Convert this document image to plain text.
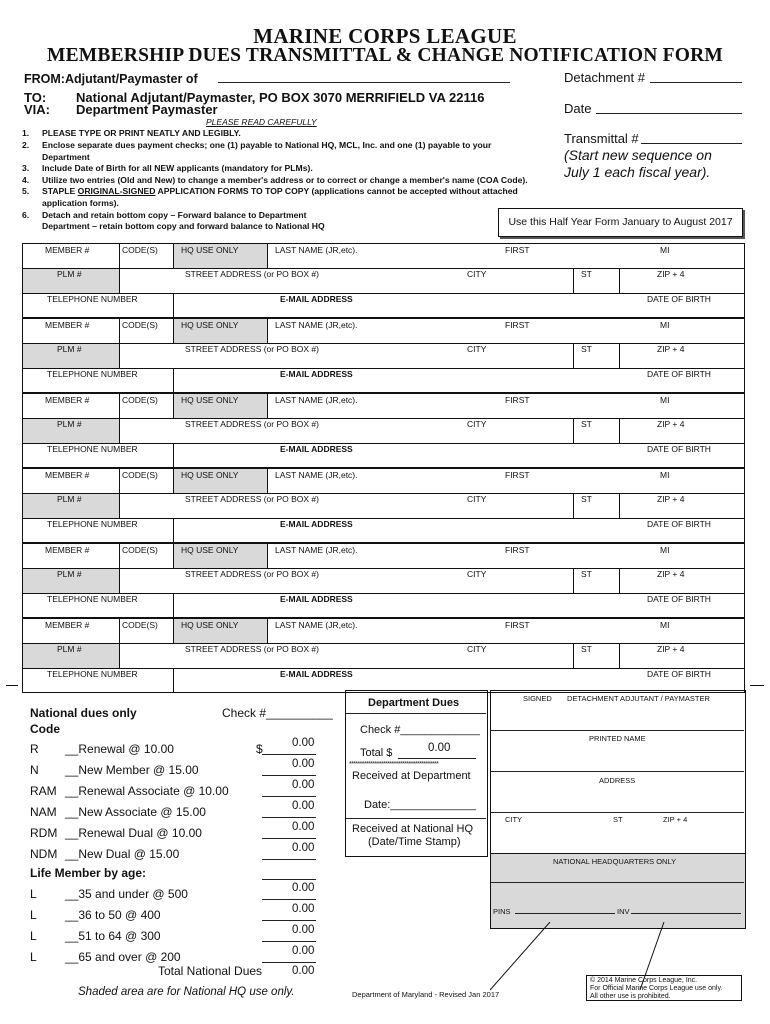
MARINE CORPS LEAGUE
MEMBERSHIP DUES TRANSMITTAL & CHANGE NOTIFICATION FORM
FROM:Adjutant/Paymaster of	Detachment #
TO: National Adjutant/Paymaster, PO BOX 3070 MERRIFIELD VA 22116
VIA: Department Paymaster	Date
PLEASE READ CAREFULLY
Transmittal #
(Start new sequence on
July 1 each fiscal year).
1. PLEASE TYPE OR PRINT NEATLY AND LEGIBLY.
2. Enclose separate dues payment checks; one (1) payable to National HQ, MCL, Inc. and one (1) payable to your Department
3. Include Date of Birth for all NEW applicants (mandatory for PLMs).
4. Utilize two entries (Old and New) to change a member's address or to correct or change a member's name (COA Code).
5. STAPLE ORIGINAL-SIGNED APPLICATION FORMS TO TOP COPY (applications cannot be accepted without attached application forms).
6. Detach and retain bottom copy – Forward balance to Department
Department – retain bottom copy and forward balance to National HQ	Use this Half Year Form January to August 2017
MEMBER #	CODE(S)	HQ USE ONLY	LAST NAME (JR,etc).	FIRST	MI
PLM #	STREET ADDRESS (or PO BOX #)	CITY	ST	ZIP + 4
TELEPHONE NUMBER	E-MAIL ADDRESS	DATE OF BIRTH
MEMBER #	CODE(S)	HQ USE ONLY	LAST NAME (JR,etc).	FIRST	MI
PLM #	STREET ADDRESS (or PO BOX #)	CITY	ST	ZIP + 4
TELEPHONE NUMBER	E-MAIL ADDRESS	DATE OF BIRTH
MEMBER #	CODE(S)	HQ USE ONLY	LAST NAME (JR,etc).	FIRST	MI
PLM #	STREET ADDRESS (or PO BOX #)	CITY	ST	ZIP + 4
TELEPHONE NUMBER	E-MAIL ADDRESS	DATE OF BIRTH
MEMBER #	CODE(S)	HQ USE ONLY	LAST NAME (JR,etc).	FIRST	MI
PLM #	STREET ADDRESS (or PO BOX #)	CITY	ST	ZIP + 4
TELEPHONE NUMBER	E-MAIL ADDRESS	DATE OF BIRTH
MEMBER #	CODE(S)	HQ USE ONLY	LAST NAME (JR,etc).	FIRST	MI
PLM #	STREET ADDRESS (or PO BOX #)	CITY	ST	ZIP + 4
TELEPHONE NUMBER	E-MAIL ADDRESS	DATE OF BIRTH
MEMBER #	CODE(S)	HQ USE ONLY	LAST NAME (JR,etc).	FIRST	MI
PLM #	STREET ADDRESS (or PO BOX #)	CITY	ST	ZIP + 4
TELEPHONE NUMBER	E-MAIL ADDRESS	DATE OF BIRTH
National dues only	Check #__________
Code
R __Renewal @ 10.00	$	0.00
N __New Member @ 15.00	0.00
RAM __Renewal Associate @ 10.00	0.00
NAM __New Associate @ 15.00	0.00
RDM __Renewal Dual @ 10.00	0.00
NDM __New Dual @ 15.00	0.00
Life Member by age:
L __35 and under @ 500	0.00
L __36 to 50 @ 400	0.00
L __51 to 64 @ 300	0.00
L __65 and over @ 200	0.00
Total National Dues	0.00
Shaded area are for National HQ use only.
Department Dues
Check #_____________
Total $	0.00
******************************************
Received at Department
Date:______________
Received at National HQ
(Date/Time Stamp)
SIGNED DETACHMENT ADJUTANT / PAYMASTER
PRINTED NAME
ADDRESS
CITY	ST	ZIP + 4
NATIONAL HEADQUARTERS ONLY
PINS	INV
Department of Maryland - Revised Jan 2017
© 2014 Marine Corps League, Inc.
For Official Marine Corps League use only.
All other use is prohibited.
